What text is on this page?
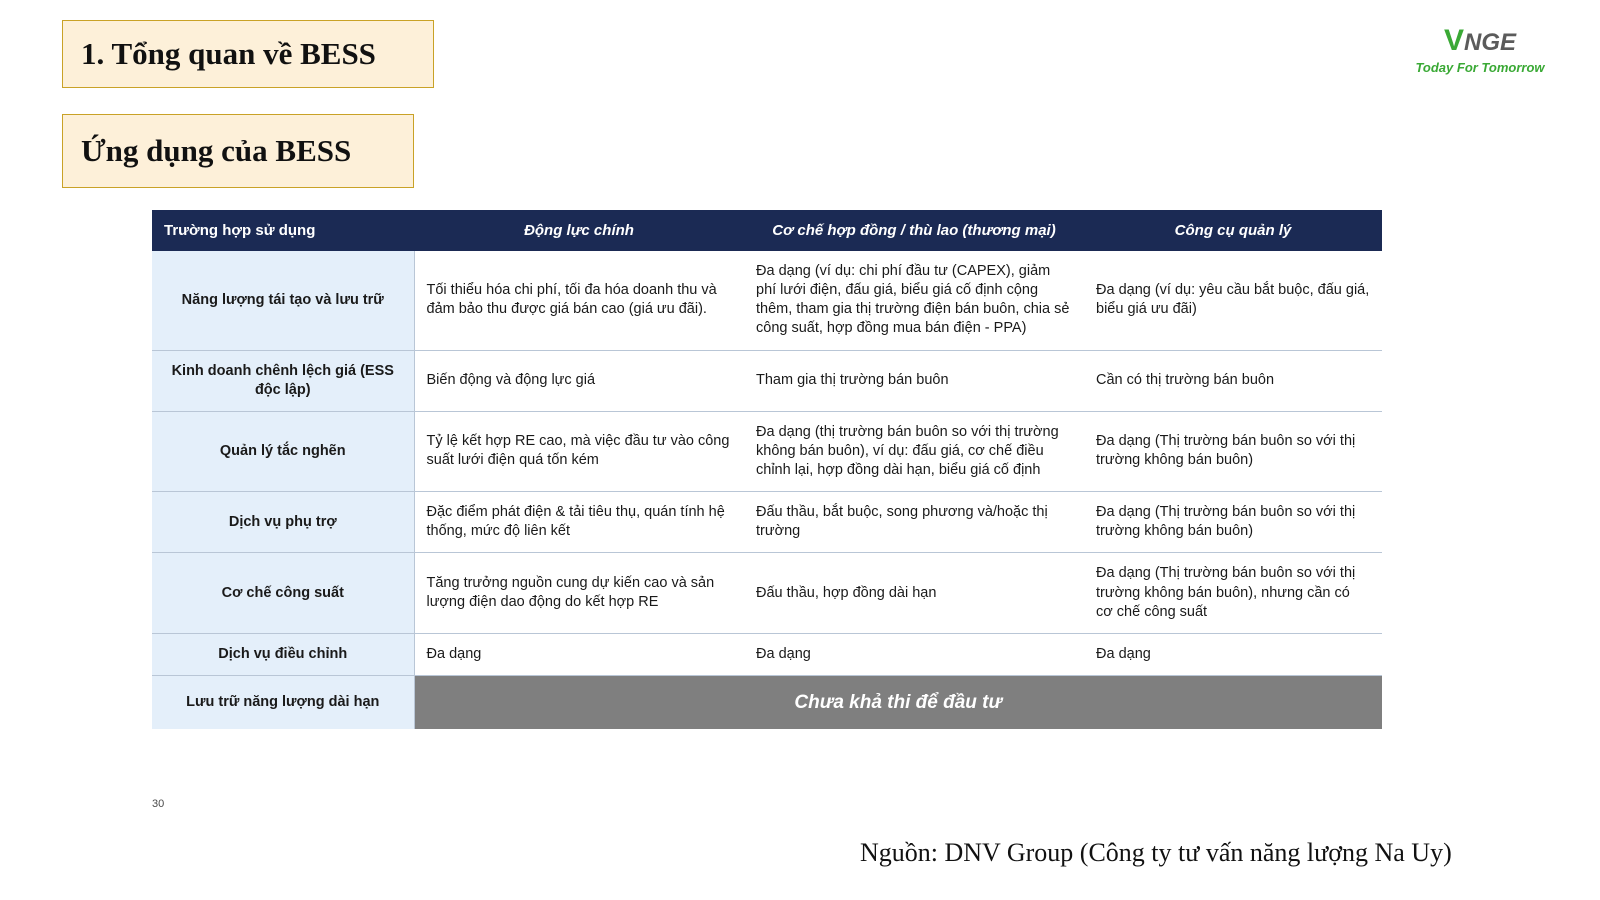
1. Tổng quan về BESS
Ứng dụng của BESS
VNGE
Today For Tomorrow
Trường hợp sử dụng	Động lực chính	Cơ chế hợp đồng / thù lao (thương mại)	Công cụ quản lý
Năng lượng tái tạo và lưu trữ	Tối thiểu hóa chi phí, tối đa hóa doanh thu và đảm bảo thu được giá bán cao (giá ưu đãi).	Đa dạng (ví dụ: chi phí đầu tư (CAPEX), giảm phí lưới điện, đấu giá, biểu giá cố định cộng thêm, tham gia thị trường điện bán buôn, chia sẻ công suất, hợp đồng mua bán điện - PPA)	Đa dạng (ví dụ: yêu cầu bắt buộc, đấu giá, biểu giá ưu đãi)
Kinh doanh chênh lệch giá (ESS độc lập)	Biến động và động lực giá	Tham gia thị trường bán buôn	Cần có thị trường bán buôn
Quản lý tắc nghẽn	Tỷ lệ kết hợp RE cao, mà việc đầu tư vào công suất lưới điện quá tốn kém	Đa dạng (thị trường bán buôn so với thị trường không bán buôn), ví dụ: đấu giá, cơ chế điều chỉnh lại, hợp đồng dài hạn, biểu giá cố định	Đa dạng (Thị trường bán buôn so với thị trường không bán buôn)
Dịch vụ phụ trợ	Đặc điểm phát điện & tải tiêu thụ, quán tính hệ thống, mức độ liên kết	Đấu thầu, bắt buộc, song phương và/hoặc thị trường	Đa dạng (Thị trường bán buôn so với thị trường không bán buôn)
Cơ chế công suất	Tăng trưởng nguồn cung dự kiến cao và sản lượng điện dao động do kết hợp RE	Đấu thầu, hợp đồng dài hạn	Đa dạng (Thị trường bán buôn so với thị trường không bán buôn), nhưng cần có cơ chế công suất
Dịch vụ điều chỉnh	Đa dạng	Đa dạng	Đa dạng
Lưu trữ năng lượng dài hạn	Chưa khả thi để đầu tư		
30
Nguồn: DNV Group (Công ty tư vấn năng lượng Na Uy)
